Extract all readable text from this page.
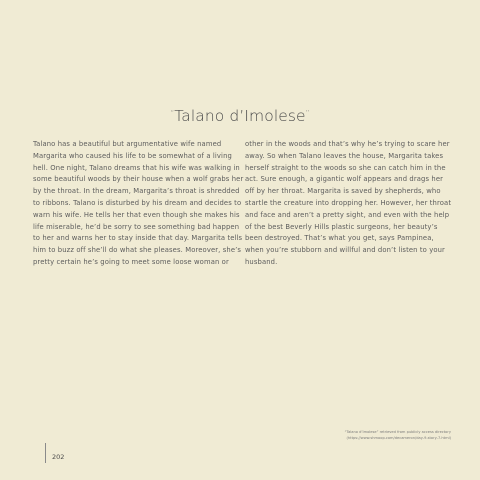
“Talano d’Imolese”
Talano has a beautiful but argumentative wife named
Margarita who caused his life to be somewhat of a living
hell. One night, Talano dreams that his wife was walking in
some beautiful woods by their house when a wolf grabs her
by the throat. In the dream, Margarita’s throat is shredded
to ribbons. Talano is disturbed by his dream and decides to
warn his wife. He tells her that even though she makes his
life miserable, he’d be sorry to see something bad happen
to her and warns her to stay inside that day. Margarita tells
him to buzz off she’ll do what she pleases. Moreover, she’s
pretty certain he’s going to meet some loose woman or
other in the woods and that’s why he’s trying to scare her
away. So when Talano leaves the house, Margarita takes
herself straight to the woods so she can catch him in the
act. Sure enough, a gigantic wolf appears and drags her
off by her throat. Margarita is saved by shepherds, who
startle the creature into dropping her. However, her throat
and face and aren’t a pretty sight, and even with the help
of the best Beverly Hills plastic surgeons, her beauty’s
been destroyed. That’s what you get, says Pampinea,
when you’re stubborn and willful and don’t listen to your
husband.
“Talano d’Imolese” retrieved from publicly access directory
(https://www.shmoop.com/decameron/day-9-story-7.html)
202
